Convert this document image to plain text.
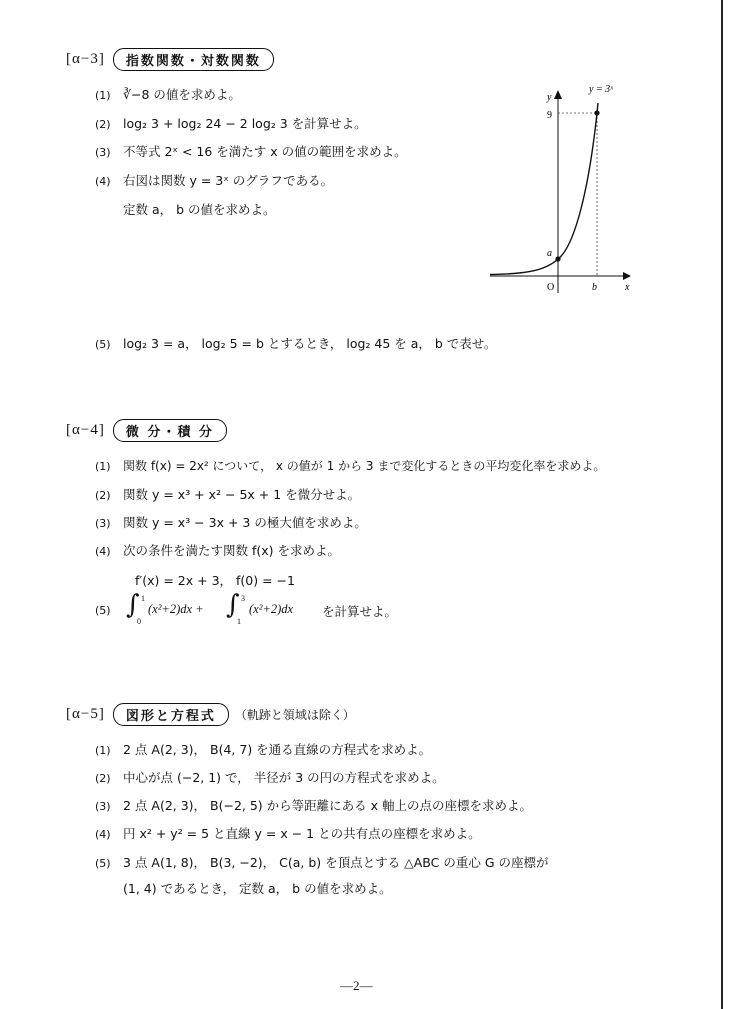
[α−3]	指数関数・対数関数
(1) ∛−8 の値を求めよ。
(2) log₂ 3 + log₂ 24 − 2 log₂ 3 を計算せよ。
(3) 不等式 2ˣ < 16 を満たす x の値の範囲を求めよ。
(4) 右図は関数 y = 3ˣ のグラフである。
定数 a， b の値を求めよ。
(5) log₂ 3 = a， log₂ 5 = b とするとき， log₂ 45 を a， b で表せ。
y = 3ˣ
y
x
O
9
a
b
[α−4]	微 分・積 分
(1) 関数 f(x) = 2x² について， x の値が 1 から 3 まで変化するときの平均変化率を求めよ。
(2) 関数 y = x³ + x² − 5x + 1 を微分せよ。
(3) 関数 y = x³ − 3x + 3 の極大値を求めよ。
(4) 次の条件を満たす関数 f(x) を求めよ。
f′(x) = 2x + 3， f(0) = −1
(5) ∫ 1
0
(x²+2)dx + ∫ 3
1
(x²+2)dx を計算せよ。
[α−5]	図形と方程式	（軌跡と領域は除く）
(1) 2 点 A(2, 3)， B(4, 7) を通る直線の方程式を求めよ。
(2) 中心が点 (−2, 1) で， 半径が 3 の円の方程式を求めよ。
(3) 2 点 A(2, 3)， B(−2, 5) から等距離にある x 軸上の点の座標を求めよ。
(4) 円 x² + y² = 5 と直線 y = x − 1 との共有点の座標を求めよ。
(5) 3 点 A(1, 8)， B(3, −2)， C(a, b) を頂点とする △ABC の重心 G の座標が
(1, 4) であるとき， 定数 a， b の値を求めよ。
—2—
